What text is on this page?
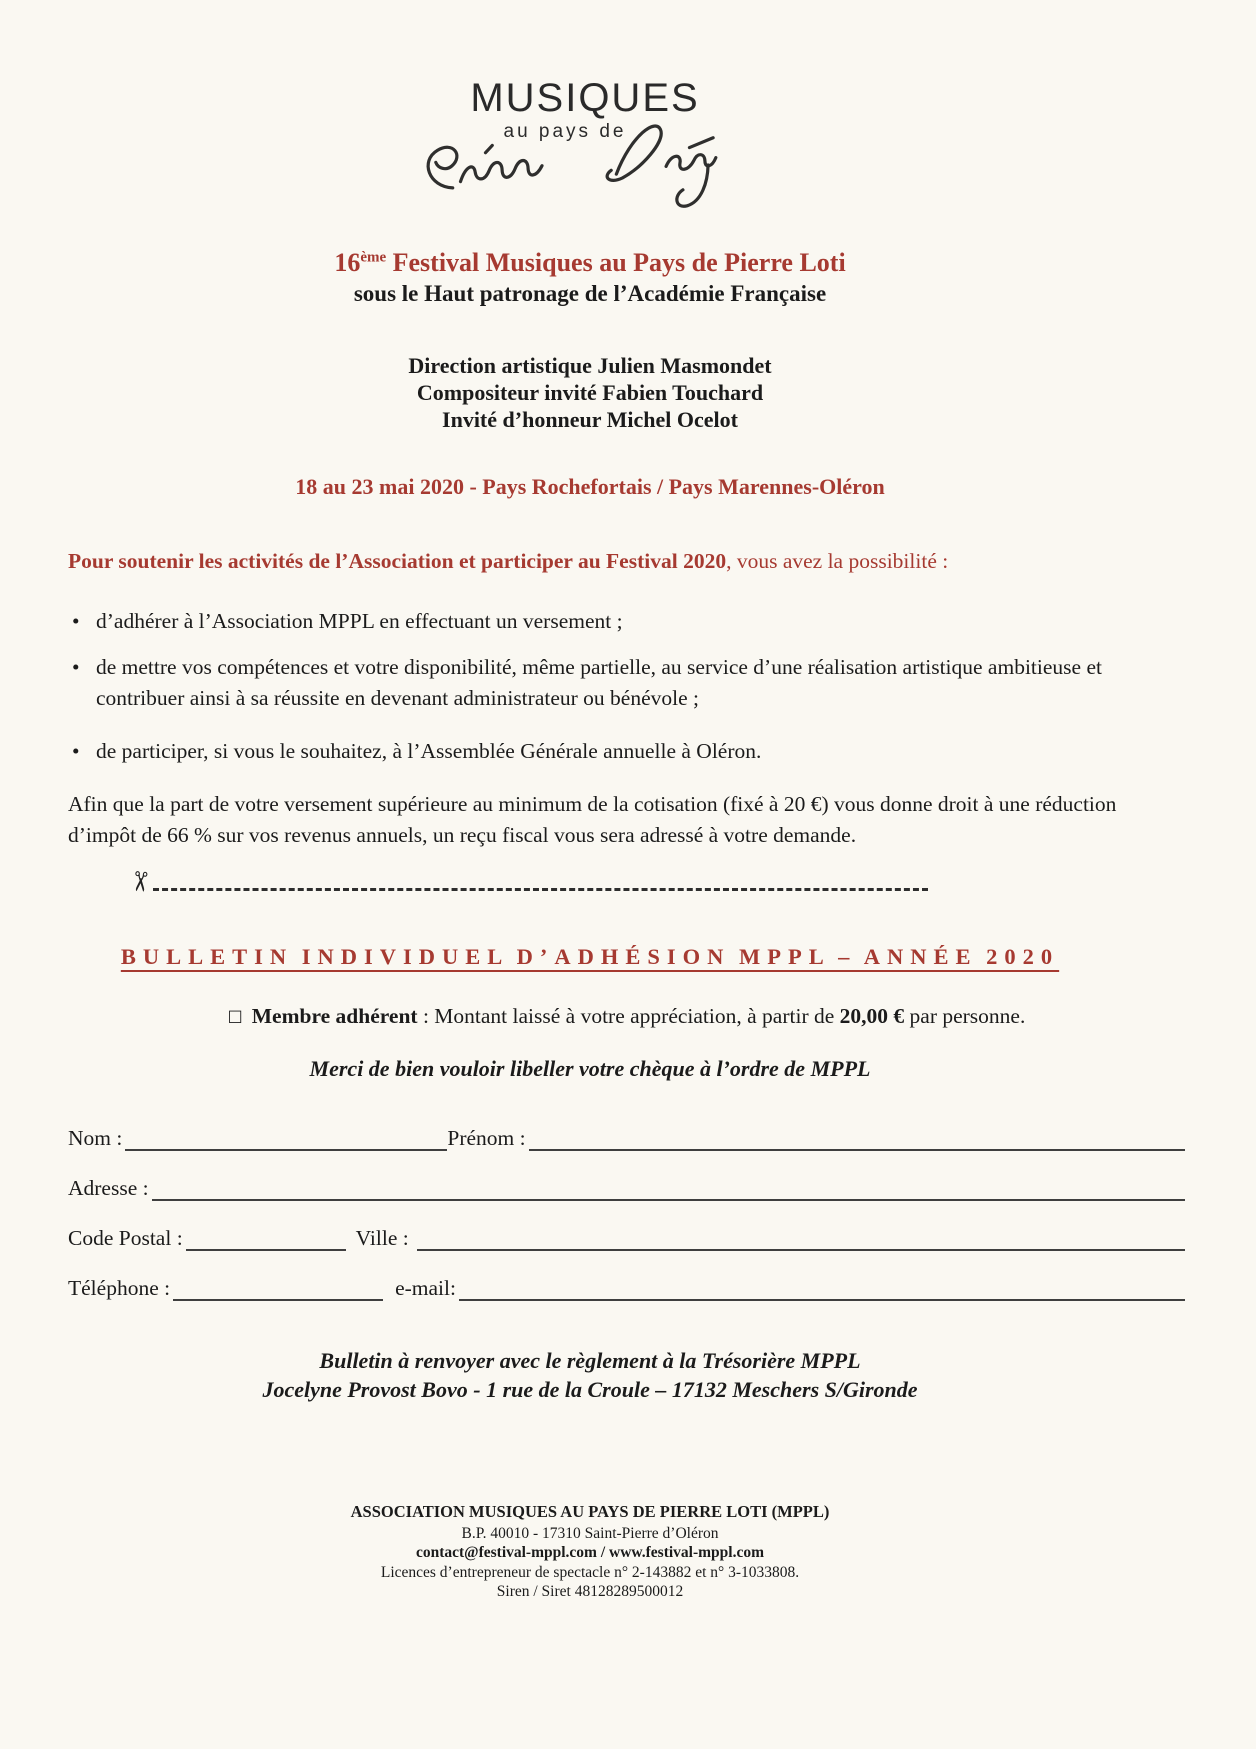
MUSIQUES
au pays de
16ème Festival Musiques au Pays de Pierre Loti
sous le Haut patronage de l’Académie Française
Direction artistique Julien Masmondet
Compositeur invité Fabien Touchard
Invité d’honneur Michel Ocelot
18 au 23 mai 2020 - Pays Rochefortais / Pays Marennes-Oléron
Pour soutenir les activités de l’Association et participer au Festival 2020, vous avez la possibilité :
• d’adhérer à l’Association MPPL en effectuant un versement ;
• de mettre vos compétences et votre disponibilité, même partielle, au service d’une réalisation artistique ambitieuse et contribuer ainsi à sa réussite en devenant administrateur ou bénévole ;
• de participer, si vous le souhaitez, à l’Assemblée Générale annuelle à Oléron.
Afin que la part de votre versement supérieure au minimum de la cotisation (fixé à 20 €) vous donne droit à une réduction d’impôt de 66 % sur vos revenus annuels, un reçu fiscal vous sera adressé à votre demande.
✂
BULLETIN INDIVIDUEL D’ADHÉSION MPPL – ANNÉE 2020
□ Membre adhérent : Montant laissé à votre appréciation, à partir de 20,00 € par personne.
Merci de bien vouloir libeller votre chèque à l’ordre de MPPL
Nom :	Prénom :
Adresse :
Code Postal :	Ville :
Téléphone :	e-mail:
Bulletin à renvoyer avec le règlement à la Trésorière MPPL
Jocelyne Provost Bovo - 1 rue de la Croule – 17132 Meschers S/Gironde
ASSOCIATION MUSIQUES AU PAYS DE PIERRE LOTI (MPPL)
B.P. 40010 - 17310 Saint-Pierre d’Oléron
contact@festival-mppl.com / www.festival-mppl.com
Licences d’entrepreneur de spectacle n° 2-143882 et n° 3-1033808.
Siren / Siret 48128289500012
